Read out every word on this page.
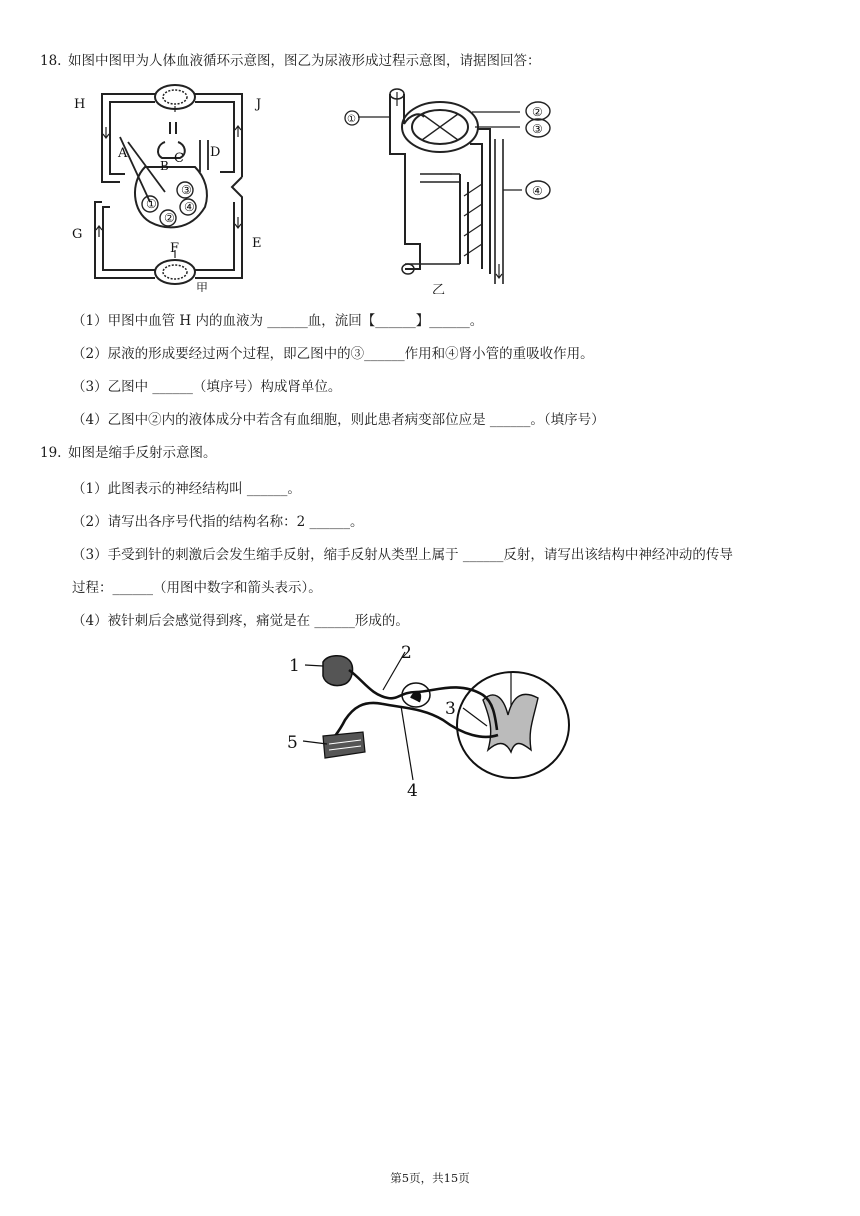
18. 如图中图甲为人体血液循环示意图，图乙为尿液形成过程示意图，请据图回答：
①
②
③
④
H	J
A
B C D
G
E
F
甲
①
②
③
④
乙
（1）甲图中血管 H 内的血液为 ______血，流回【______】______。
（2）尿液的形成要经过两个过程，即乙图中的③______作用和④肾小管的重吸收作用。
（3）乙图中 ______（填序号）构成肾单位。
（4）乙图中②内的液体成分中若含有血细胞，则此患者病变部位应是 ______。（填序号）
19. 如图是缩手反射示意图。
（1）此图表示的神经结构叫 ______。
（2）请写出各序号代指的结构名称：2 ______。
（3）手受到针的刺激后会发生缩手反射，缩手反射从类型上属于 ______反射，请写出该结构中神经冲动的传导
过程：______（用图中数字和箭头表示）。
（4）被针刺后会感觉得到疼，痛觉是在 ______形成的。
1
2
3
4
5
第5页，共15页
